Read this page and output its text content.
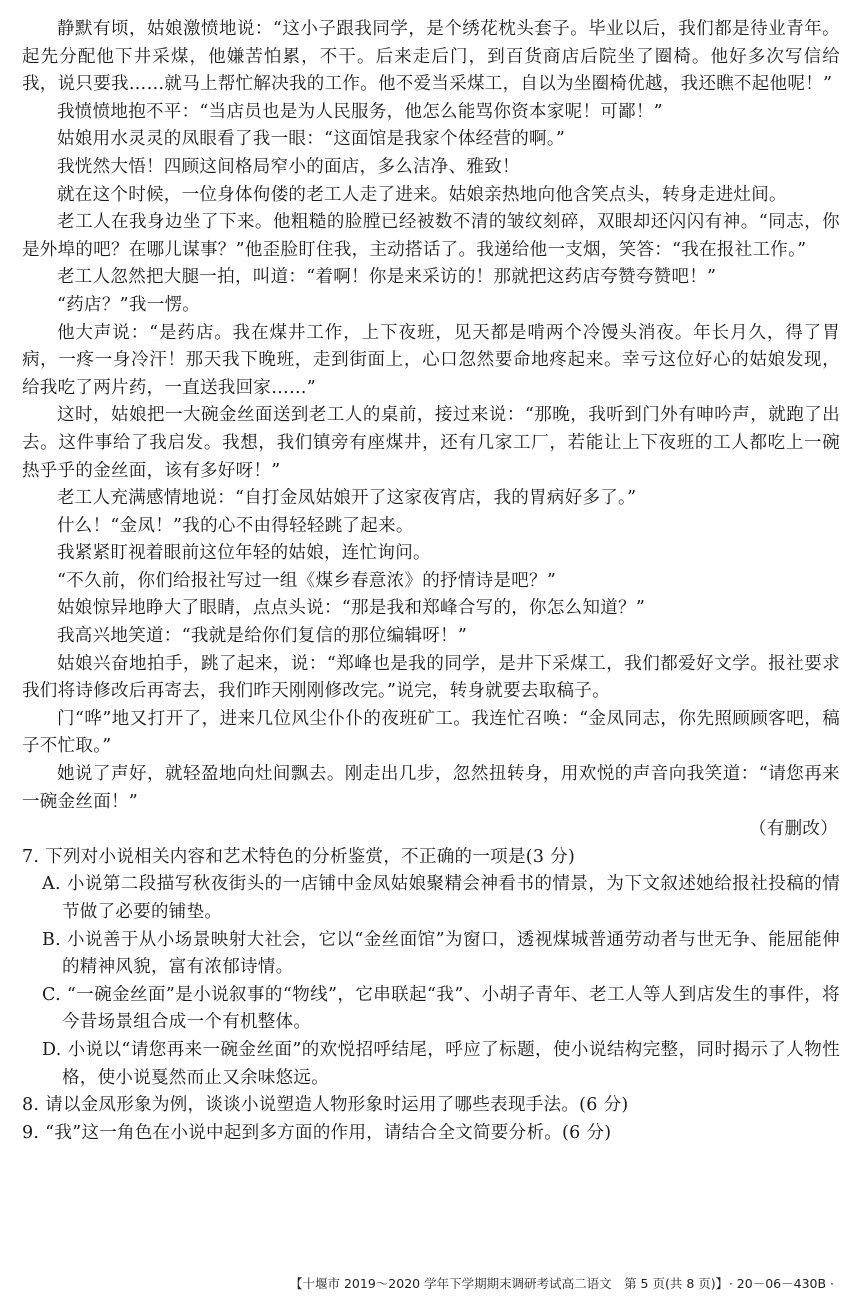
静默有顷，姑娘激愤地说：“这小子跟我同学，是个绣花枕头套子。毕业以后，我们都是待业青年。起先分配他下井采煤，他嫌苦怕累，不干。后来走后门，到百货商店后院坐了圈椅。他好多次写信给我，说只要我……就马上帮忙解决我的工作。他不爱当采煤工，自以为坐圈椅优越，我还瞧不起他呢！”

我愤愤地抱不平：“当店员也是为人民服务，他怎么能骂你资本家呢！可鄙！”

姑娘用水灵灵的凤眼看了我一眼：“这面馆是我家个体经营的啊。”

我恍然大悟！四顾这间格局窄小的面店，多么洁净、雅致！

就在这个时候，一位身体佝偻的老工人走了进来。姑娘亲热地向他含笑点头，转身走进灶间。

老工人在我身边坐了下来。他粗糙的脸膛已经被数不清的皱纹刻碎，双眼却还闪闪有神。“同志，你是外埠的吧？在哪儿谋事？”他歪脸盯住我，主动搭话了。我递给他一支烟，笑答：“我在报社工作。”

老工人忽然把大腿一拍，叫道：“着啊！你是来采访的！那就把这药店夸赞夸赞吧！”

“药店？”我一愣。

他大声说：“是药店。我在煤井工作，上下夜班，见天都是啃两个冷馒头消夜。年长月久，得了胃病，一疼一身冷汗！那天我下晚班，走到街面上，心口忽然要命地疼起来。幸亏这位好心的姑娘发现，给我吃了两片药，一直送我回家……”

这时，姑娘把一大碗金丝面送到老工人的桌前，接过来说：“那晚，我听到门外有呻吟声，就跑了出去。这件事给了我启发。我想，我们镇旁有座煤井，还有几家工厂，若能让上下夜班的工人都吃上一碗热乎乎的金丝面，该有多好呀！”

老工人充满感情地说：“自打金凤姑娘开了这家夜宵店，我的胃病好多了。”

什么！“金凤！”我的心不由得轻轻跳了起来。

我紧紧盯视着眼前这位年轻的姑娘，连忙询问。

“不久前，你们给报社写过一组《煤乡春意浓》的抒情诗是吧？”

姑娘惊异地睁大了眼睛，点点头说：“那是我和郑峰合写的，你怎么知道？”

我高兴地笑道：“我就是给你们复信的那位编辑呀！”

姑娘兴奋地拍手，跳了起来，说：“郑峰也是我的同学，是井下采煤工，我们都爱好文学。报社要求我们将诗修改后再寄去，我们昨天刚刚修改完。”说完，转身就要去取稿子。

门“哗”地又打开了，进来几位风尘仆仆的夜班矿工。我连忙召唤：“金凤同志，你先照顾顾客吧，稿子不忙取。”

她说了声好，就轻盈地向灶间飘去。刚走出几步，忽然扭转身，用欢悦的声音向我笑道：“请您再来一碗金丝面！”

（有删改）

7. 下列对小说相关内容和艺术特色的分析鉴赏，不正确的一项是(3 分)

A. 小说第二段描写秋夜街头的一店铺中金凤姑娘聚精会神看书的情景，为下文叙述她给报社投稿的情节做了必要的铺垫。

B. 小说善于从小场景映射大社会，它以“金丝面馆”为窗口，透视煤城普通劳动者与世无争、能屈能伸的精神风貌，富有浓郁诗情。

C. “一碗金丝面”是小说叙事的“物线”，它串联起“我”、小胡子青年、老工人等人到店发生的事件，将今昔场景组合成一个有机整体。

D. 小说以“请您再来一碗金丝面”的欢悦招呼结尾，呼应了标题，使小说结构完整，同时揭示了人物性格，使小说戛然而止又余味悠远。

8. 请以金凤形象为例，谈谈小说塑造人物形象时运用了哪些表现手法。(6 分)

9. “我”这一角色在小说中起到多方面的作用，请结合全文简要分析。(6 分)

【十堰市 2019～2020 学年下学期期末调研考试高二语文　第 5 页(共 8 页)】 · 20－06－430B ·
